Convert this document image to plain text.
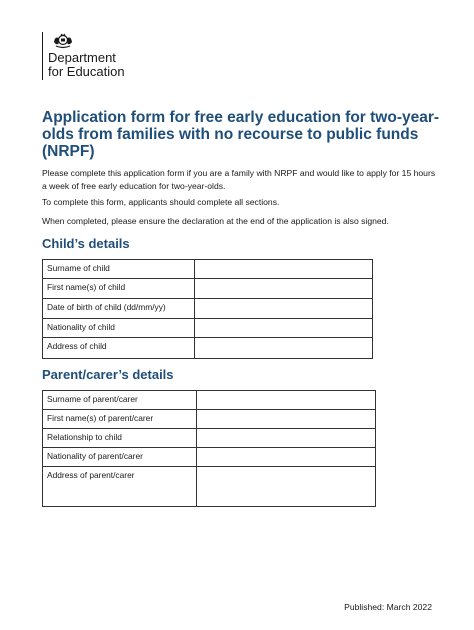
Department
for Education
Application form for free early education for two-year-olds from families with no recourse to public funds (NRPF)

Please complete this application form if you are a family with NRPF and would like to apply for 15 hours a week of free early education for two-year-olds.

To complete this form, applicants should complete all sections.

When completed, please ensure the declaration at the end of the application is also signed.

Child’s details
Surname of child	
First name(s) of child	
Date of birth of child (dd/mm/yy)	
Nationality of child	
Address of child	
Parent/carer’s details
Surname of parent/carer	
First name(s) of parent/carer	
Relationship to child	
Nationality of parent/carer	
Address of parent/carer	
Published: March 2022
